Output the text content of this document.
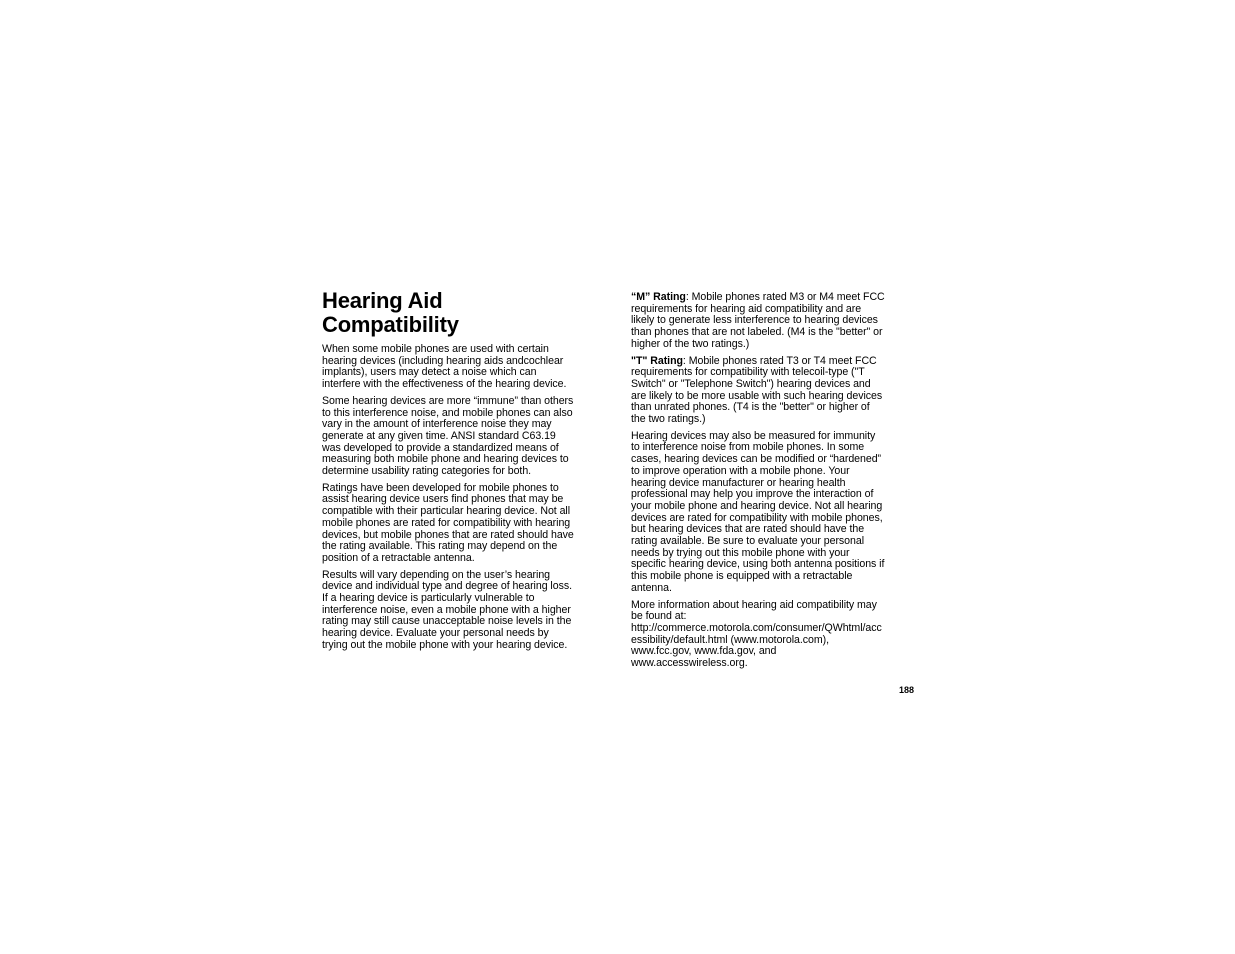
Hearing Aid
Compatibility

When some mobile phones are used with certain
hearing devices (including hearing aids andcochlear
implants), users may detect a noise which can
interfere with the effectiveness of the hearing device.

Some hearing devices are more “immune” than others
to this interference noise, and mobile phones can also
vary in the amount of interference noise they may
generate at any given time. ANSI standard C63.19
was developed to provide a standardized means of
measuring both mobile phone and hearing devices to
determine usability rating categories for both.

Ratings have been developed for mobile phones to
assist hearing device users find phones that may be
compatible with their particular hearing device. Not all
mobile phones are rated for compatibility with hearing
devices, but mobile phones that are rated should have
the rating available. This rating may depend on the
position of a retractable antenna.

Results will vary depending on the user’s hearing
device and individual type and degree of hearing loss.
If a hearing device is particularly vulnerable to
interference noise, even a mobile phone with a higher
rating may still cause unacceptable noise levels in the
hearing device. Evaluate your personal needs by
trying out the mobile phone with your hearing device.

“M” Rating: Mobile phones rated M3 or M4 meet FCC
requirements for hearing aid compatibility and are
likely to generate less interference to hearing devices
than phones that are not labeled. (M4 is the "better" or
higher of the two ratings.)

"T" Rating: Mobile phones rated T3 or T4 meet FCC
requirements for compatibility with telecoil-type ("T
Switch" or "Telephone Switch") hearing devices and
are likely to be more usable with such hearing devices
than unrated phones. (T4 is the "better" or higher of
the two ratings.)

Hearing devices may also be measured for immunity
to interference noise from mobile phones. In some
cases, hearing devices can be modified or “hardened”
to improve operation with a mobile phone. Your
hearing device manufacturer or hearing health
professional may help you improve the interaction of
your mobile phone and hearing device. Not all hearing
devices are rated for compatibility with mobile phones,
but hearing devices that are rated should have the
rating available. Be sure to evaluate your personal
needs by trying out this mobile phone with your
specific hearing device, using both antenna positions if
this mobile phone is equipped with a retractable
antenna.

More information about hearing aid compatibility may
be found at:
http://commerce.motorola.com/consumer/QWhtml/acc
essibility/default.html (www.motorola.com),
www.fcc.gov, www.fda.gov, and
www.accesswireless.org.

188
